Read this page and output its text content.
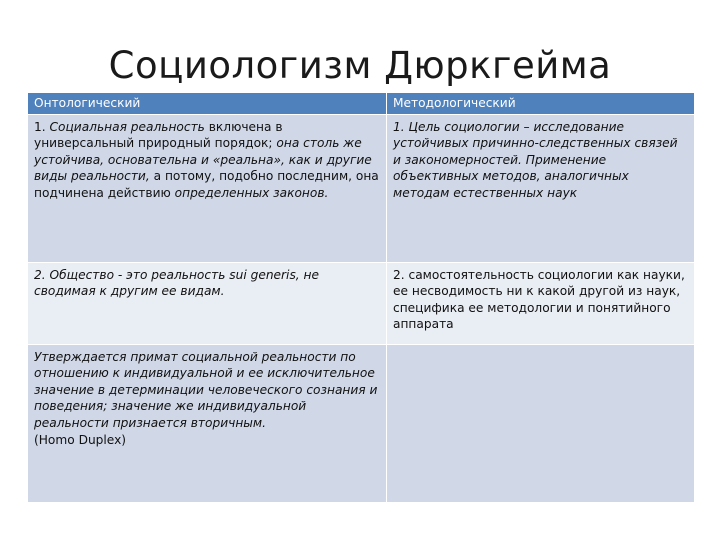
Социологизм Дюркгейма
Онтологический	Методологический
1. Социальная реальность включена в универсальный природный порядок; она столь же устойчива, основательна и «реальна», как и другие виды реальности, а потому, подобно последним, она подчинена действию определенных законов.	1. Цель социологии – исследование устойчивых причинно-следственных связей и закономерностей. Применение объективных методов, аналогичных методам естественных наук
2. Общество - это реальность sui generis, не сводимая к другим ее видам.	2. самостоятельность социологии как науки, ее несводимость ни к какой другой из наук, специфика ее методологии и понятийного аппарата
Утверждается примат социальной реальности по отношению к индивидуальной и ее исключительное значение в детерминации человеческого сознания и поведения; значение же индивидуальной реальности признается вторичным.
(Homo Duplex)	
